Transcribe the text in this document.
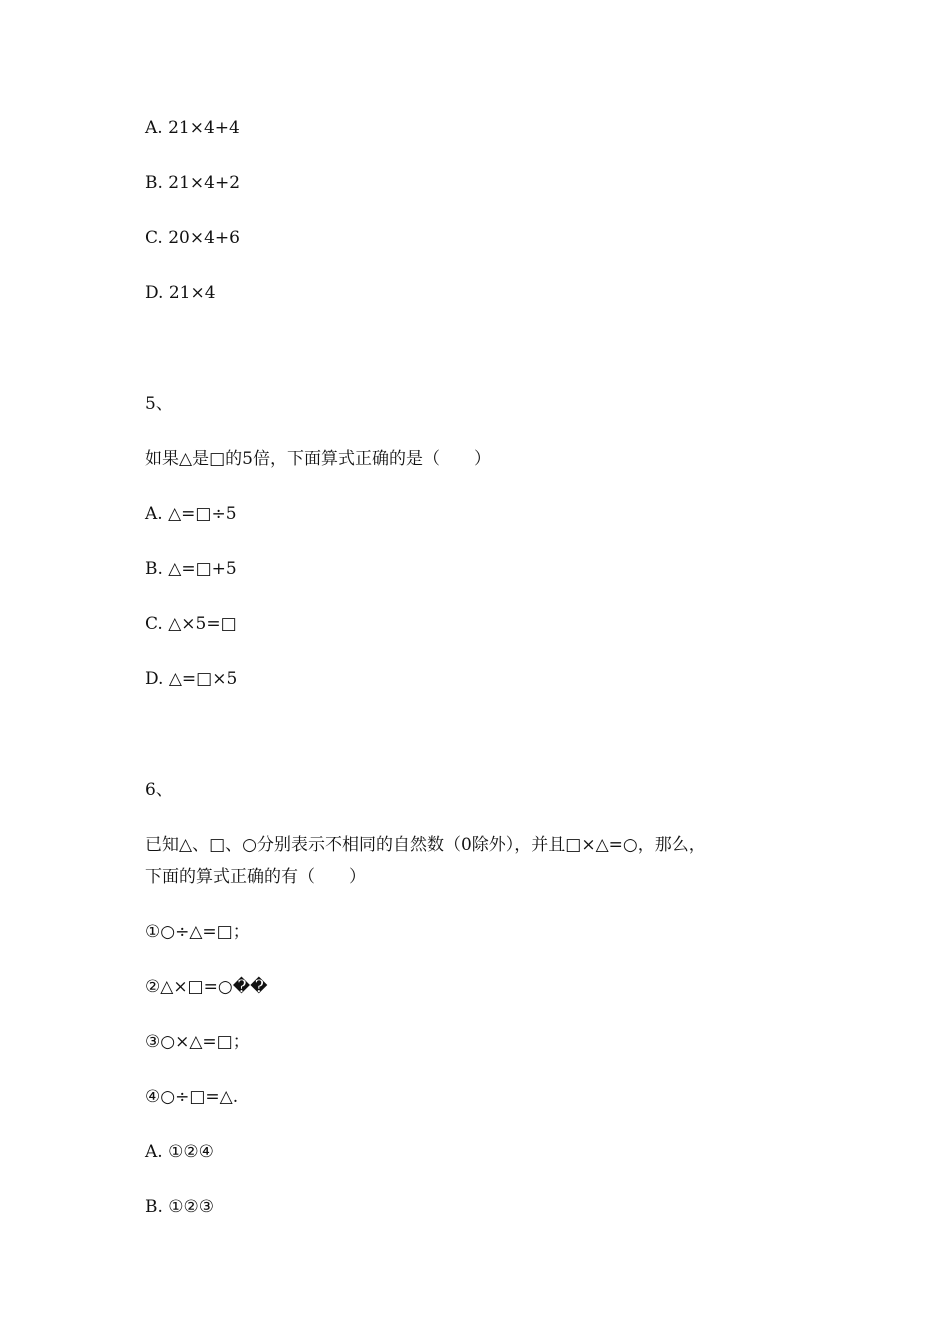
A. 21×4+4
B. 21×4+2
C. 20×4+6
D. 21×4
5、
如果△是□的5倍，下面算式正确的是（　　）
A. △=□÷5
B. △=□+5
C. △×5=□
D. △=□×5
6、
已知△、□、○分别表示不相同的自然数（0除外），并且□×△=○，那么，
下面的算式正确的有（　　）
①○÷△=□；
②△×□=○��
③○×△=□；
④○÷□=△.
A. ①②④
B. ①②③
